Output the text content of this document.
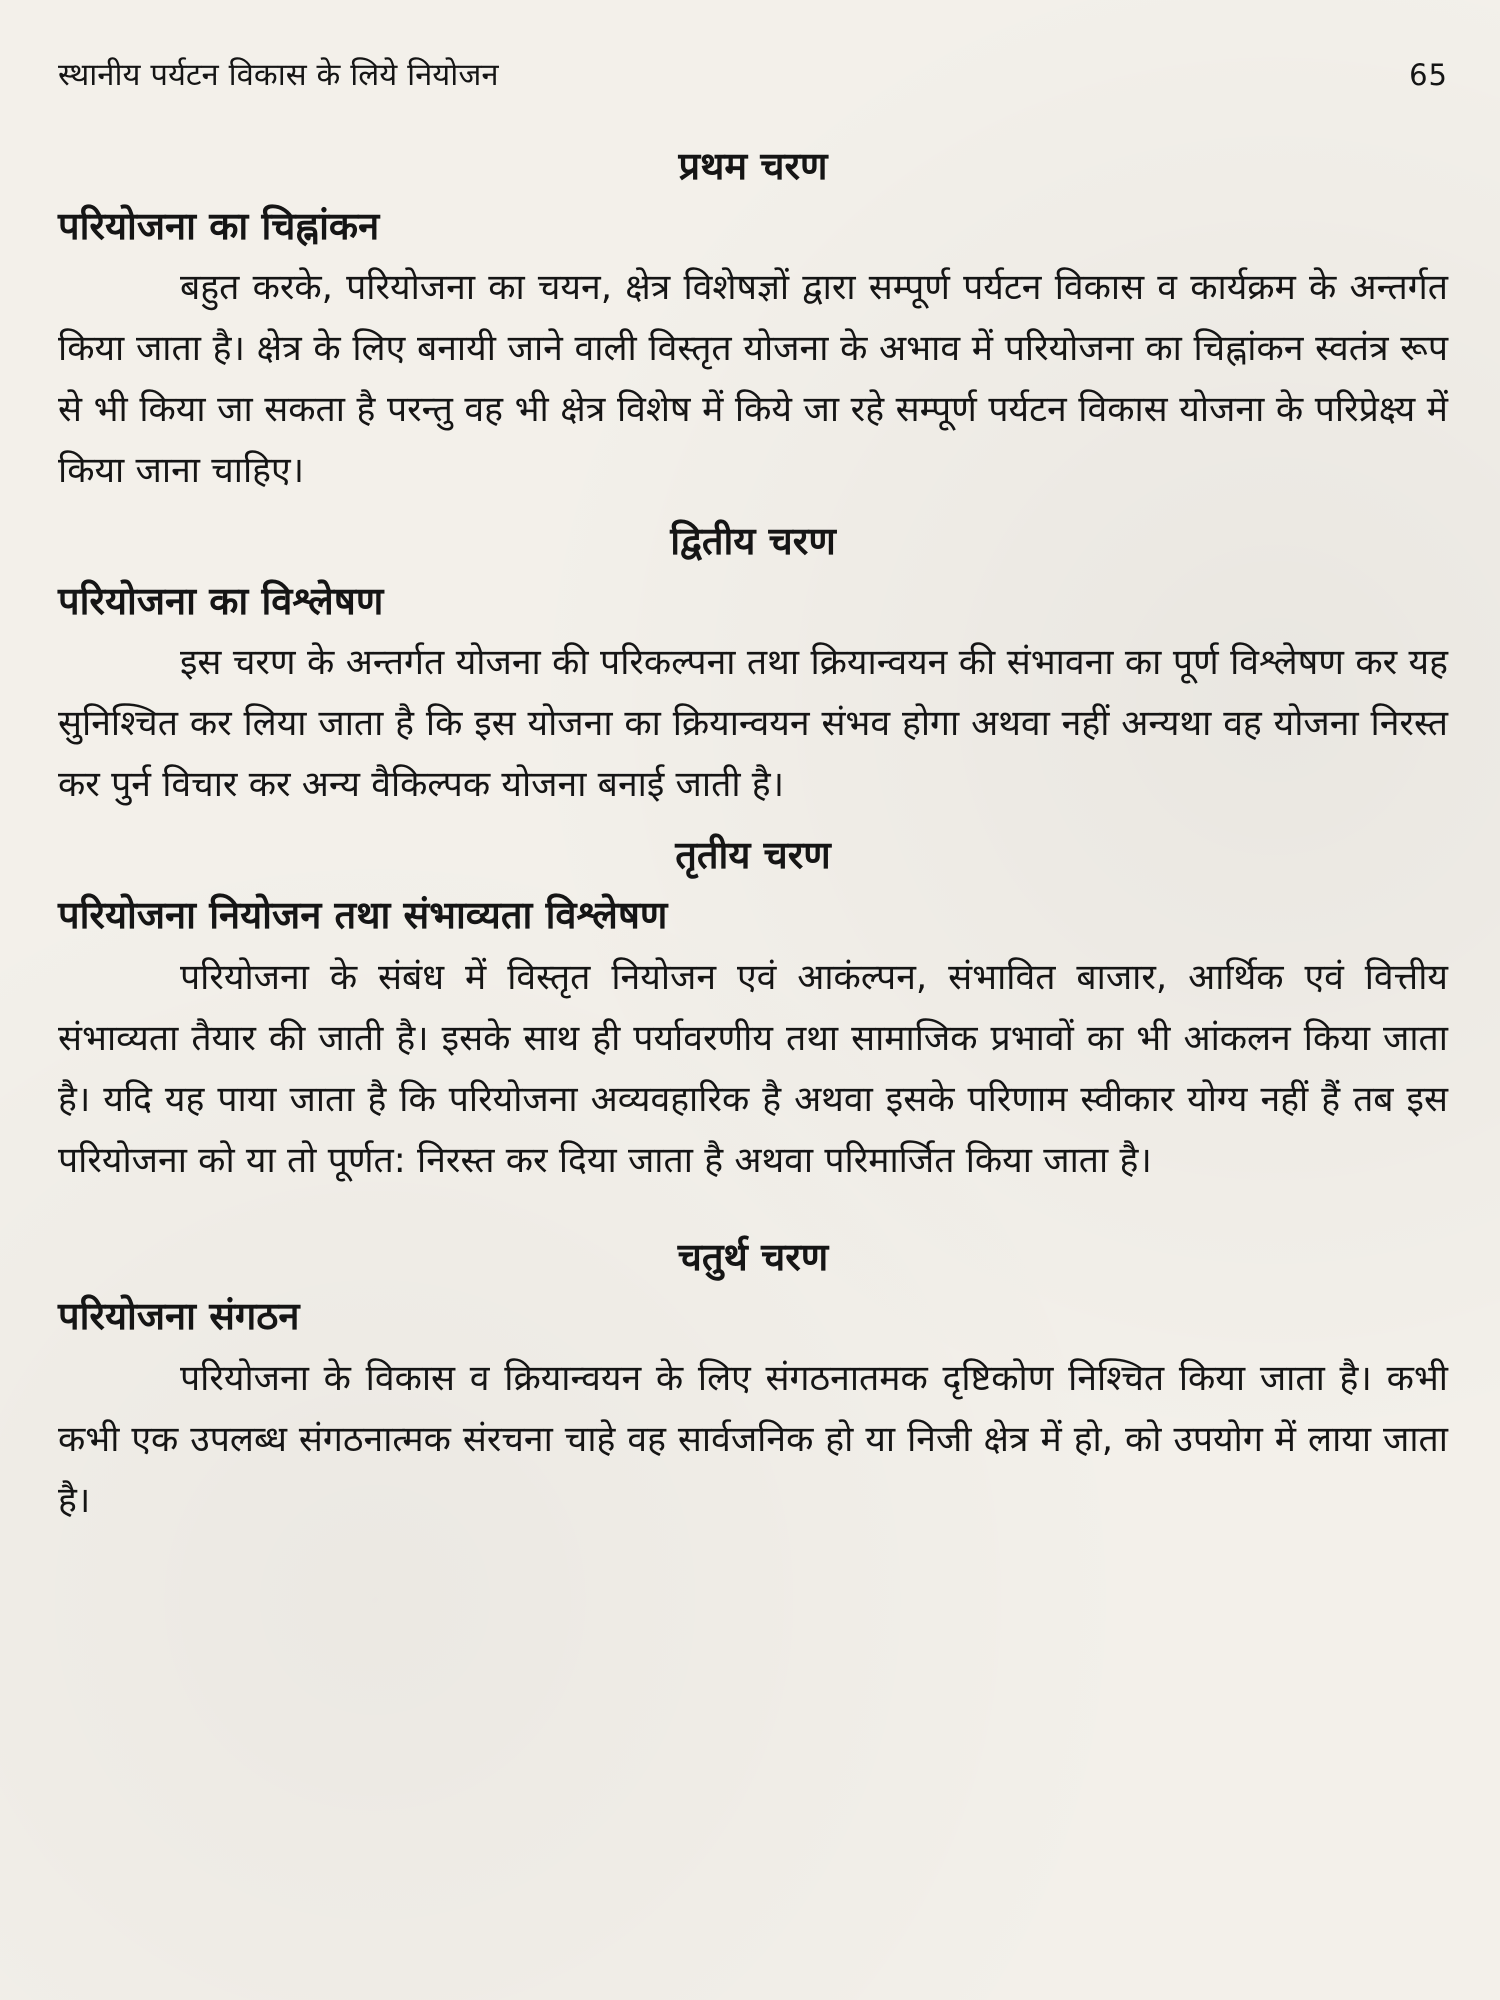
स्थानीय पर्यटन विकास के लिये नियोजन	65
प्रथम चरण
परियोजना का चिह्नांकन

बहुत करके, परियोजना का चयन, क्षेत्र विशेषज्ञों द्वारा सम्पूर्ण पर्यटन विकास व कार्यक्रम के अन्तर्गत किया जाता है। क्षेत्र के लिए बनायी जाने वाली विस्तृत योजना के अभाव में परियोजना का चिह्नांकन स्वतंत्र रूप से भी किया जा सकता है परन्तु वह भी क्षेत्र विशेष में किये जा रहे सम्पूर्ण पर्यटन विकास योजना के परिप्रेक्ष्य में किया जाना चाहिए।

द्वितीय चरण
परियोजना का विश्लेषण

इस चरण के अन्तर्गत योजना की परिकल्पना तथा क्रियान्वयन की संभावना का पूर्ण विश्लेषण कर यह सुनिश्चित कर लिया जाता है कि इस योजना का क्रियान्वयन संभव होगा अथवा नहीं अन्यथा वह योजना निरस्त कर पुर्न विचार कर अन्य वैकिल्पक योजना बनाई जाती है।

तृतीय चरण
परियोजना नियोजन तथा संभाव्यता विश्लेषण

परियोजना के संबंध में विस्तृत नियोजन एवं आकंल्पन, संभावित बाजार, आर्थिक एवं वित्तीय संभाव्यता तैयार की जाती है। इसके साथ ही पर्यावरणीय तथा सामाजिक प्रभावों का भी आंकलन किया जाता है। यदि यह पाया जाता है कि परियोजना अव्यवहारिक है अथवा इसके परिणाम स्वीकार योग्य नहीं हैं तब इस परियोजना को या तो पूर्णत: निरस्त कर दिया जाता है अथवा परिमार्जित किया जाता है।

चतुर्थ चरण
परियोजना संगठन

परियोजना के विकास व क्रियान्वयन के लिए संगठनातमक दृष्टिकोण निश्चित किया जाता है। कभी कभी एक उपलब्ध संगठनात्मक संरचना चाहे वह सार्वजनिक हो या निजी क्षेत्र में हो, को उपयोग में लाया जाता है।
